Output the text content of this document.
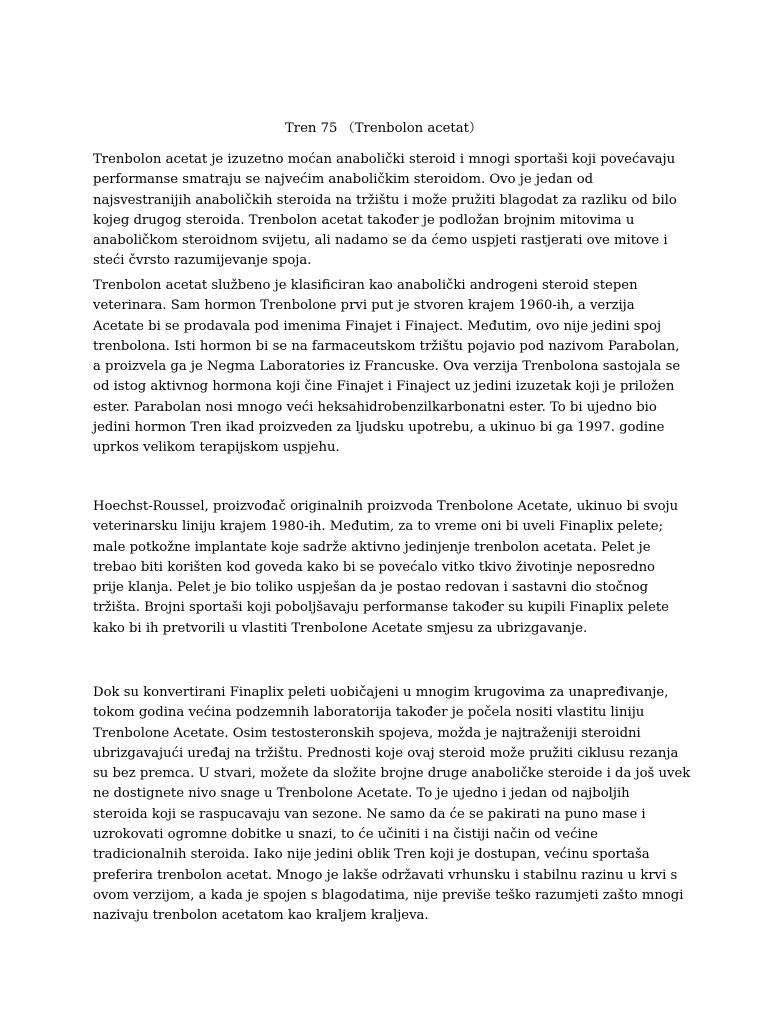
Tren 75 （Trenbolon acetat）

Trenbolon acetat je izuzetno moćan anabolički steroid i mnogi sportaši koji povećavaju
performanse smatraju se najvećim anaboličkim steroidom. Ovo je jedan od
najsvestranijih anaboličkih steroida na tržištu i može pružiti blagodat za razliku od bilo
kojeg drugog steroida. Trenbolon acetat također je podložan brojnim mitovima u
anaboličkom steroidnom svijetu, ali nadamo se da ćemo uspjeti rastjerati ove mitove i
steći čvrsto razumijevanje spoja.

Trenbolon acetat službeno je klasificiran kao anabolički androgeni steroid stepen
veterinara. Sam hormon Trenbolone prvi put je stvoren krajem 1960-ih, a verzija
Acetate bi se prodavala pod imenima Finajet i Finaject. Međutim, ovo nije jedini spoj
trenbolona. Isti hormon bi se na farmaceutskom tržištu pojavio pod nazivom Parabolan,
a proizvela ga je Negma Laboratories iz Francuske. Ova verzija Trenbolona sastojala se
od istog aktivnog hormona koji čine Finajet i Finaject uz jedini izuzetak koji je priložen
ester. Parabolan nosi mnogo veći heksahidrobenzilkarbonatni ester. To bi ujedno bio
jedini hormon Tren ikad proizveden za ljudsku upotrebu, a ukinuo bi ga 1997. godine
uprkos velikom terapijskom uspjehu.

Hoechst-Roussel, proizvođač originalnih proizvoda Trenbolone Acetate, ukinuo bi svoju
veterinarsku liniju krajem 1980-ih. Međutim, za to vreme oni bi uveli Finaplix pelete;
male potkožne implantate koje sadrže aktivno jedinjenje trenbolon acetata. Pelet je
trebao biti korišten kod goveda kako bi se povećalo vitko tkivo životinje neposredno
prije klanja. Pelet je bio toliko uspješan da je postao redovan i sastavni dio stočnog
tržišta. Brojni sportaši koji poboljšavaju performanse također su kupili Finaplix pelete
kako bi ih pretvorili u vlastiti Trenbolone Acetate smjesu za ubrizgavanje.

Dok su konvertirani Finaplix peleti uobičajeni u mnogim krugovima za unapređivanje,
tokom godina većina podzemnih laboratorija također je počela nositi vlastitu liniju
Trenbolone Acetate. Osim testosteronskih spojeva, možda je najtraženiji steroidni
ubrizgavajući uređaj na tržištu. Prednosti koje ovaj steroid može pružiti ciklusu rezanja
su bez premca. U stvari, možete da složite brojne druge anaboličke steroide i da još uvek
ne dostignete nivo snage u Trenbolone Acetate. To je ujedno i jedan od najboljih
steroida koji se raspucavaju van sezone. Ne samo da će se pakirati na puno mase i
uzrokovati ogromne dobitke u snazi, to će učiniti i na čistiji način od većine
tradicionalnih steroida. Iako nije jedini oblik Tren koji je dostupan, većinu sportaša
preferira trenbolon acetat. Mnogo je lakše održavati vrhunsku i stabilnu razinu u krvi s
ovom verzijom, a kada je spojen s blagodatima, nije previše teško razumjeti zašto mnogi
nazivaju trenbolon acetatom kao kraljem kraljeva.
